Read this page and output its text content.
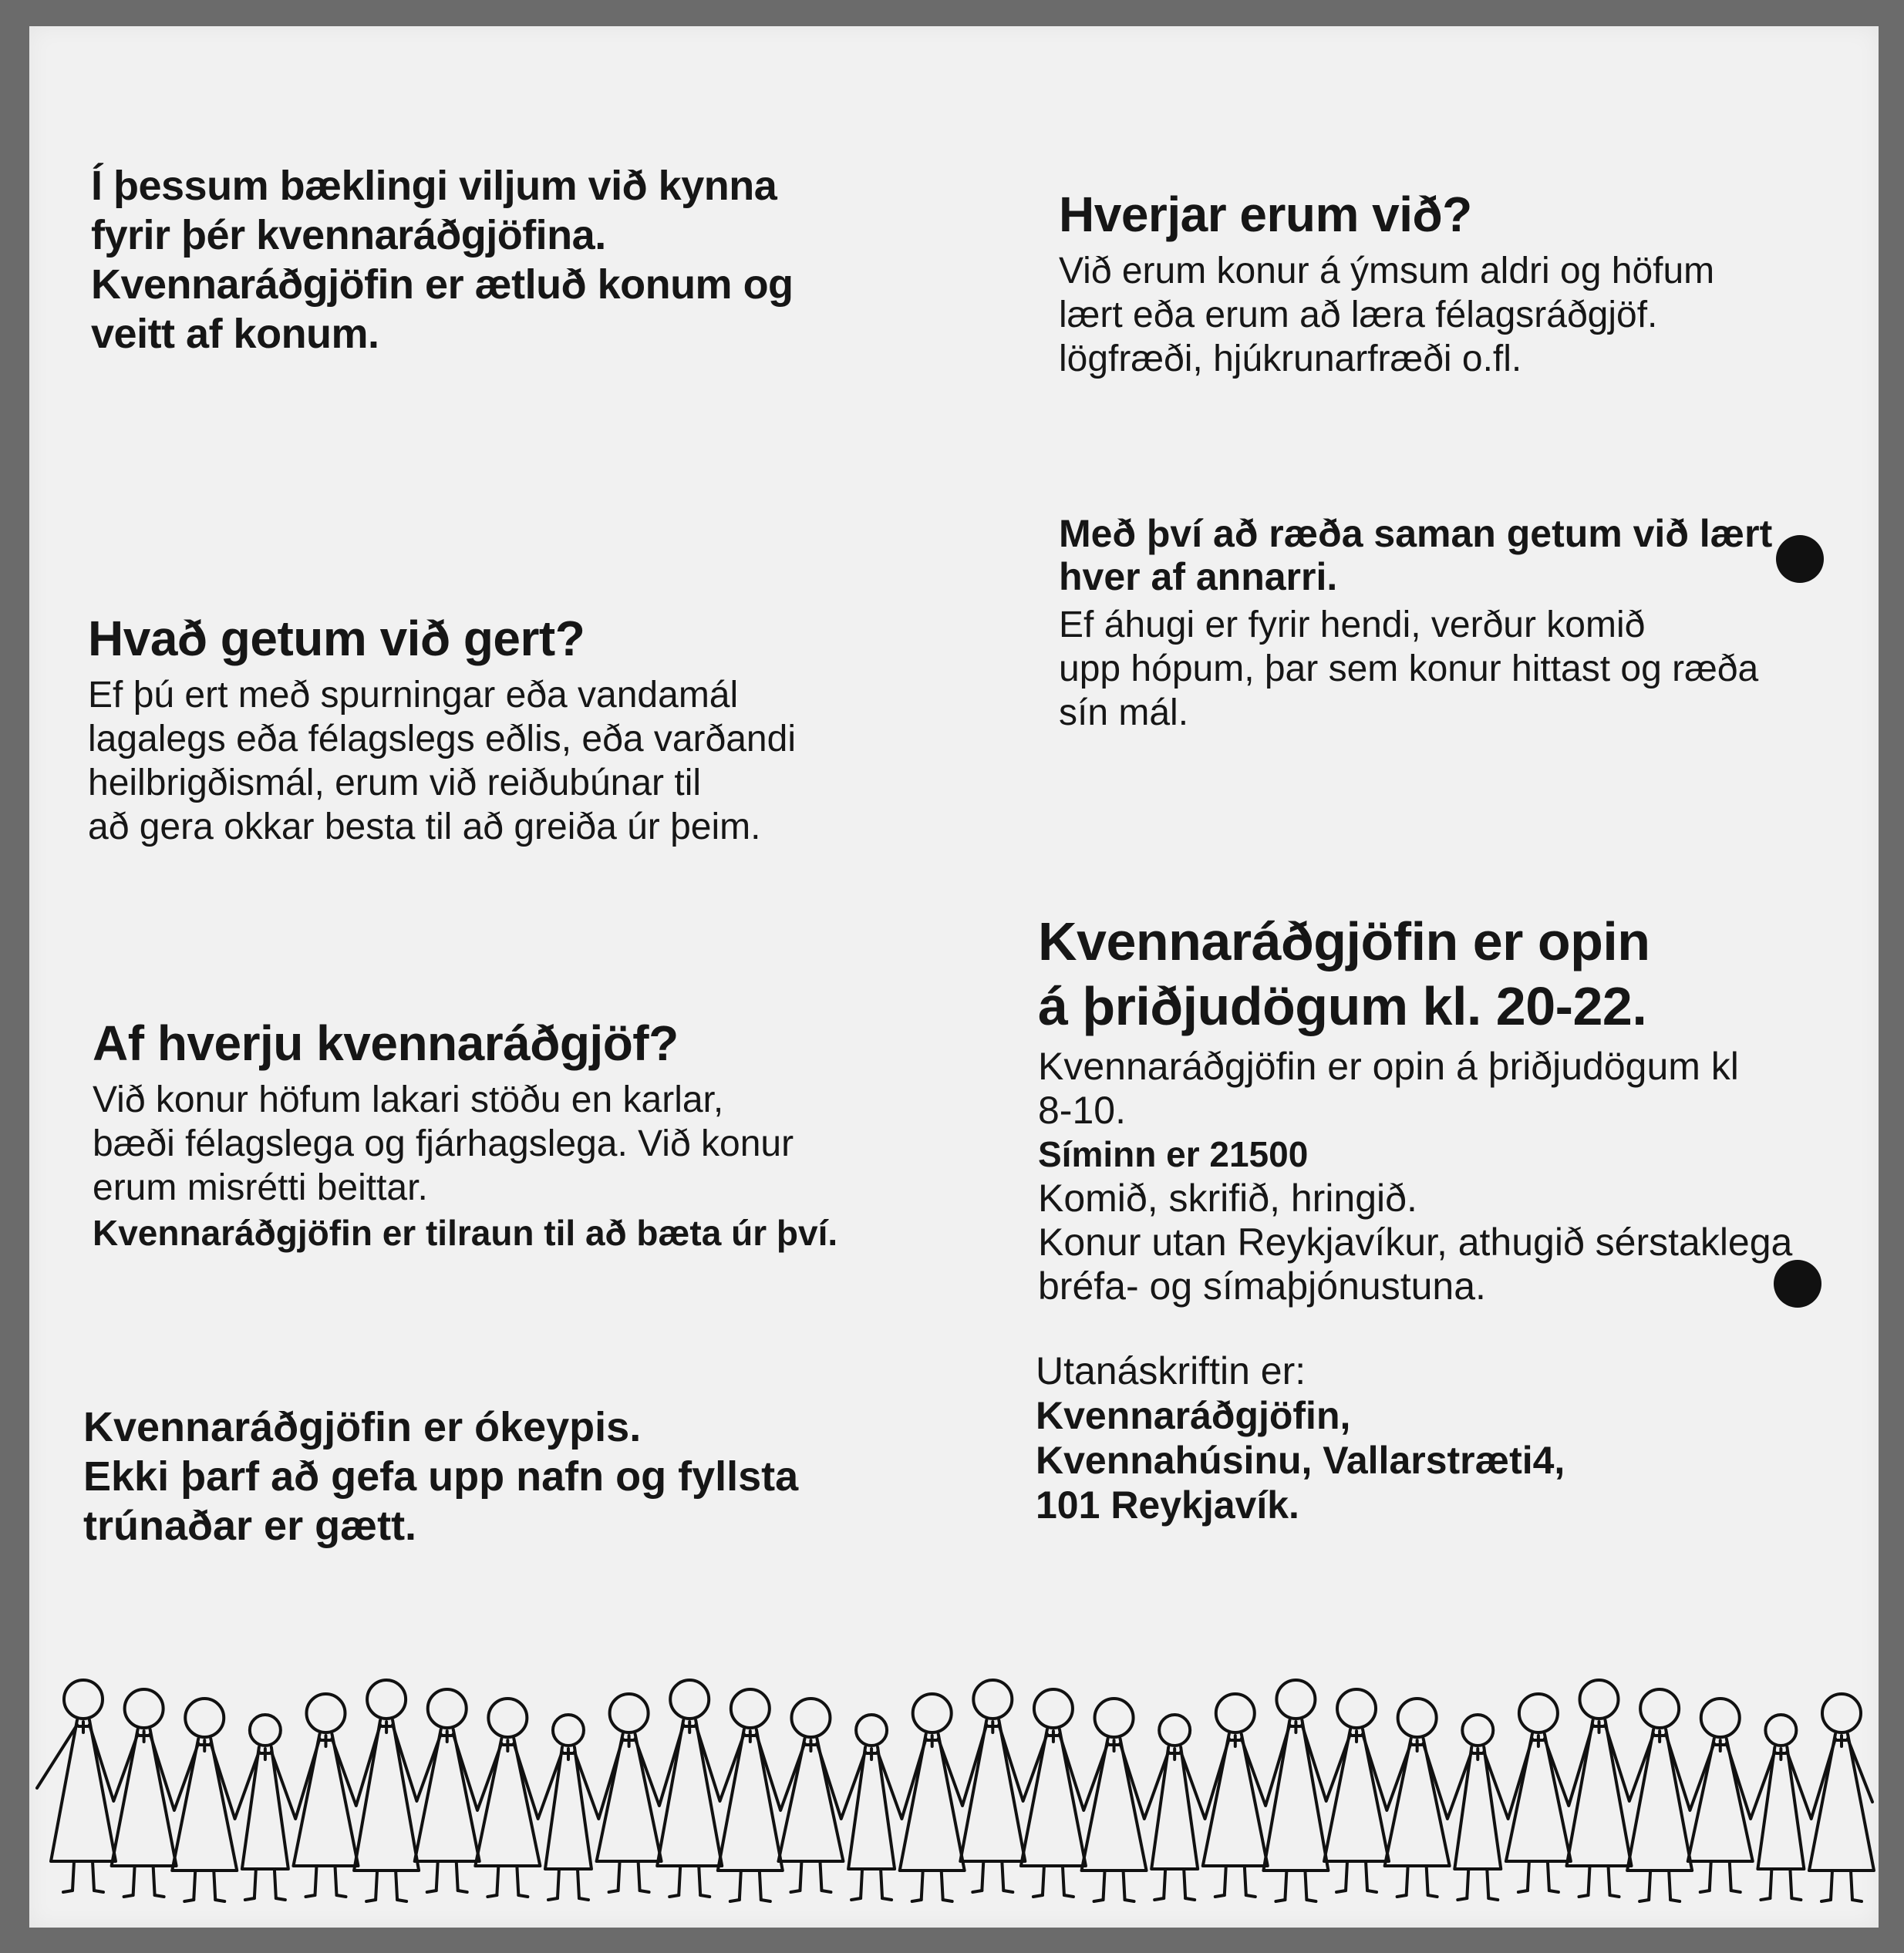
Í þessum bæklingi viljum við kynna
fyrir þér kvennaráðgjöfina.
Kvennaráðgjöfin er ætluð konum og
veitt af konum.
Hvað getum við gert?
Ef þú ert með spurningar eða vandamál
lagalegs eða félagslegs eðlis, eða varðandi
heilbrigðismál, erum við reiðubúnar til
að gera okkar besta til að greiða úr þeim.
Af hverju kvennaráðgjöf?
Við konur höfum lakari stöðu en karlar,
bæði félagslega og fjárhagslega. Við konur
erum misrétti beittar.
Kvennaráðgjöfin er tilraun til að bæta úr því.
Kvennaráðgjöfin er ókeypis.
Ekki þarf að gefa upp nafn og fyllsta
trúnaðar er gætt.
Hverjar erum við?
Við erum konur á ýmsum aldri og höfum
lært eða erum að læra félagsráðgjöf.
lögfræði, hjúkrunarfræði o.fl.
Með því að ræða saman getum við lært
hver af annarri.
Ef áhugi er fyrir hendi, verður komið
upp hópum, þar sem konur hittast og ræða
sín mál.
Kvennaráðgjöfin er opin
á þriðjudögum kl. 20-22.
Kvennaráðgjöfin er opin á þriðjudögum kl
8-10.
Síminn er 21500
Komið, skrifið, hringið.
Konur utan Reykjavíkur, athugið sérstaklega
bréfa- og símaþjónustuna.
Utanáskriftin er:
Kvennaráðgjöfin,
Kvennahúsinu, Vallarstræti4,
101 Reykjavík.
